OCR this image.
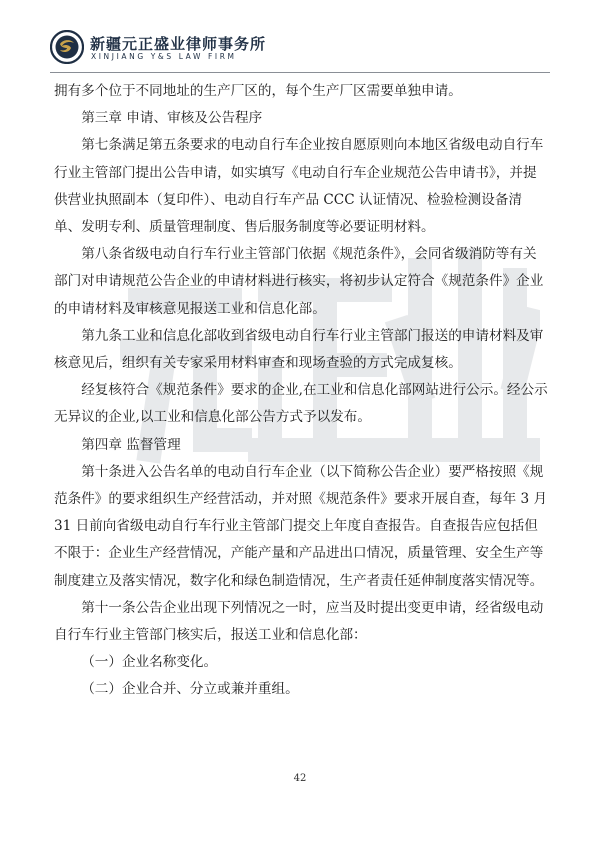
新疆元正盛业律师事务所
XINJIANG Y&S LAW FIRM

拥有多个位于不同地址的生产厂区的，每个生产厂区需要单独申请。

第三章 申请、审核及公告程序

第七条满足第五条要求的电动自行车企业按自愿原则向本地区省级电动自行车行业主管部门提出公告申请，如实填写《电动自行车企业规范公告申请书》，并提供营业执照副本（复印件）、电动自行车产品 CCC 认证情况、检验检测设备清单、发明专利、质量管理制度、售后服务制度等必要证明材料。

第八条省级电动自行车行业主管部门依据《规范条件》，会同省级消防等有关部门对申请规范公告企业的申请材料进行核实，将初步认定符合《规范条件》企业的申请材料及审核意见报送工业和信息化部。

第九条工业和信息化部收到省级电动自行车行业主管部门报送的申请材料及审核意见后，组织有关专家采用材料审查和现场查验的方式完成复核。

经复核符合《规范条件》要求的企业,在工业和信息化部网站进行公示。经公示无异议的企业,以工业和信息化部公告方式予以发布。

第四章 监督管理

第十条进入公告名单的电动自行车企业（以下简称公告企业）要严格按照《规范条件》的要求组织生产经营活动，并对照《规范条件》要求开展自查，每年 3 月 31 日前向省级电动自行车行业主管部门提交上年度自查报告。自查报告应包括但不限于：企业生产经营情况，产能产量和产品进出口情况，质量管理、安全生产等制度建立及落实情况，数字化和绿色制造情况，生产者责任延伸制度落实情况等。

第十一条公告企业出现下列情况之一时，应当及时提出变更申请，经省级电动自行车行业主管部门核实后，报送工业和信息化部：

（一）企业名称变化。

（二）企业合并、分立或兼并重组。

42
